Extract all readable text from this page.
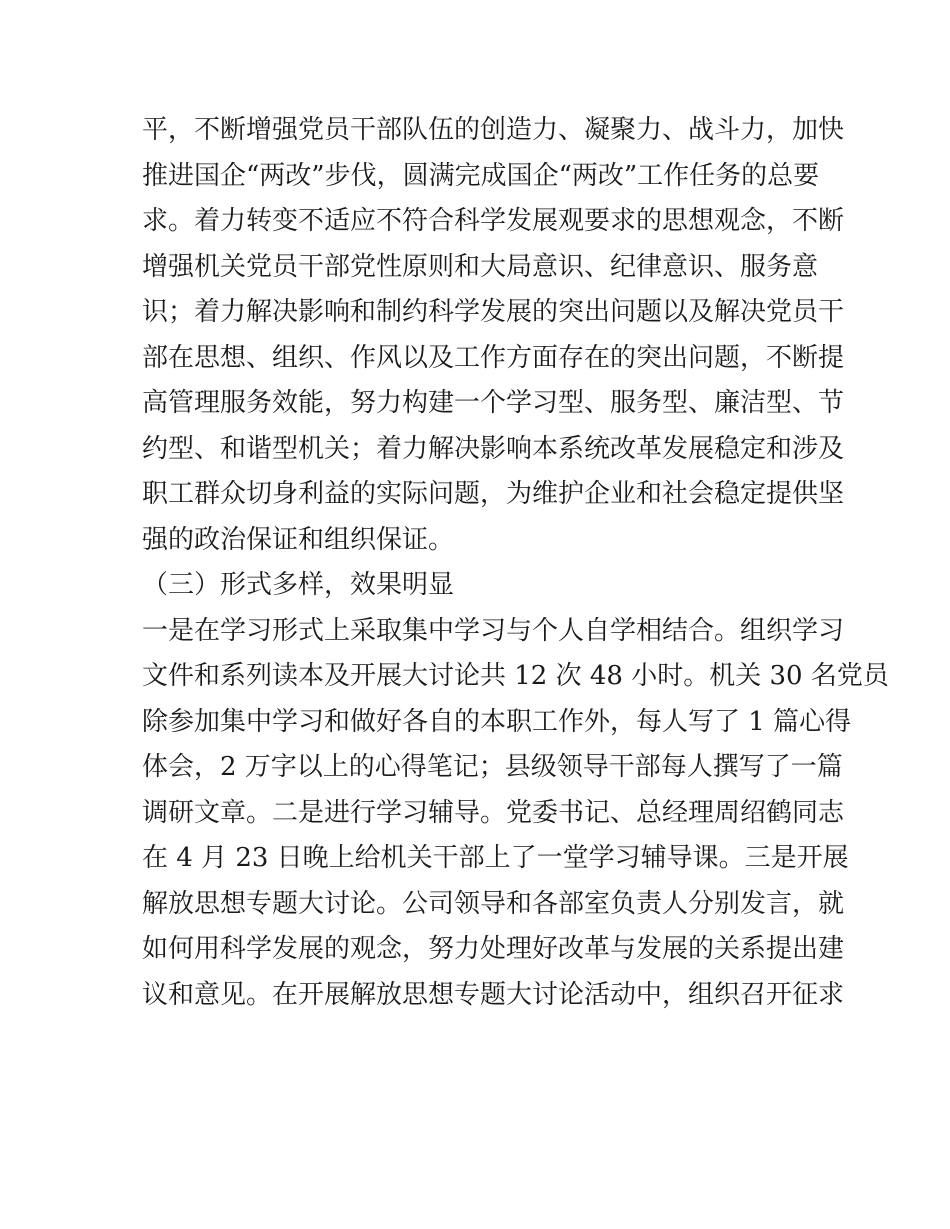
平，不断增强党员干部队伍的创造力、凝聚力、战斗力，加快
推进国企“两改”步伐，圆满完成国企“两改”工作任务的总要
求。着力转变不适应不符合科学发展观要求的思想观念，不断
增强机关党员干部党性原则和大局意识、纪律意识、服务意
识；着力解决影响和制约科学发展的突出问题以及解决党员干
部在思想、组织、作风以及工作方面存在的突出问题，不断提
高管理服务效能，努力构建一个学习型、服务型、廉洁型、节
约型、和谐型机关；着力解决影响本系统改革发展稳定和涉及
职工群众切身利益的实际问题，为维护企业和社会稳定提供坚
强的政治保证和组织保证。
（三）形式多样，效果明显
一是在学习形式上采取集中学习与个人自学相结合。组织学习
文件和系列读本及开展大讨论共 12 次 48 小时。机关 30 名党员
除参加集中学习和做好各自的本职工作外，每人写了 1 篇心得
体会，2 万字以上的心得笔记；县级领导干部每人撰写了一篇
调研文章。二是进行学习辅导。党委书记、总经理周绍鹤同志
在 4 月 23 日晚上给机关干部上了一堂学习辅导课。三是开展
解放思想专题大讨论。公司领导和各部室负责人分别发言，就
如何用科学发展的观念，努力处理好改革与发展的关系提出建
议和意见。在开展解放思想专题大讨论活动中，组织召开征求
